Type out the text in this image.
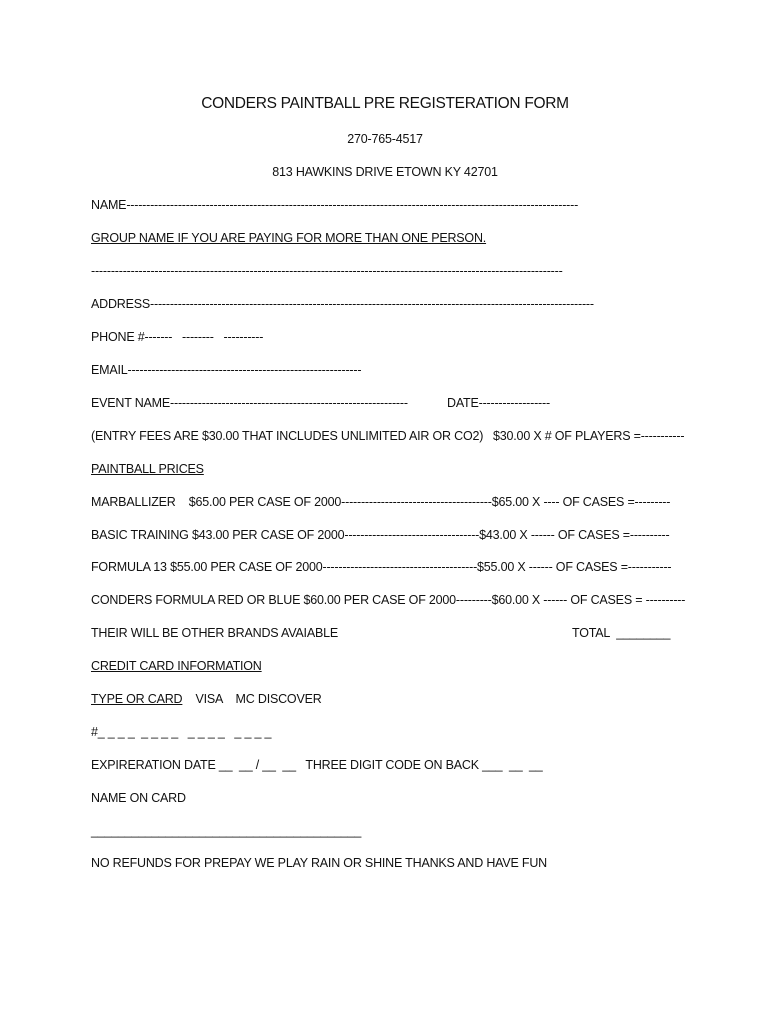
CONDERS PAINTBALL PRE REGISTERATION FORM
270-765-4517
813 HAWKINS DRIVE ETOWN KY 42701
NAME------------------------------------------------------------------------------------------------------------------
GROUP NAME IF YOU ARE PAYING FOR MORE THAN ONE PERSON.
-----------------------------------------------------------------------------------------------------------------------
ADDRESS----------------------------------------------------------------------------------------------------------------
PHONE #-------   --------   ----------
EMAIL-----------------------------------------------------------
EVENT NAME------------------------------------------------------------	DATE------------------
(ENTRY FEES ARE $30.00 THAT INCLUDES UNLIMITED AIR OR CO2)   $30.00 X # OF PLAYERS =-----------
PAINTBALL PRICES
MARBALLIZER    $65.00 PER CASE OF 2000--------------------------------------$65.00 X ---- OF CASES =---------
BASIC TRAINING $43.00 PER CASE OF 2000----------------------------------$43.00 X ------ OF CASES =----------
FORMULA 13 $55.00 PER CASE OF 2000---------------------------------------$55.00 X ------ OF CASES =-----------
CONDERS FORMULA RED OR BLUE $60.00 PER CASE OF 2000---------$60.00 X ------ OF CASES = ----------
THEIR WILL BE OTHER BRANDS AVAIABLE	TOTAL  ________
CREDIT CARD INFORMATION
TYPE OR CARD    VISA    MC DISCOVER
#_ _ _ _  _ _ _ _   _ _ _ _   _ _ _ _
EXPIRERATION DATE __  __ / __  __   THREE DIGIT CODE ON BACK ___  __  __
NAME ON CARD
________________________________________
NO REFUNDS FOR PREPAY WE PLAY RAIN OR SHINE THANKS AND HAVE FUN
